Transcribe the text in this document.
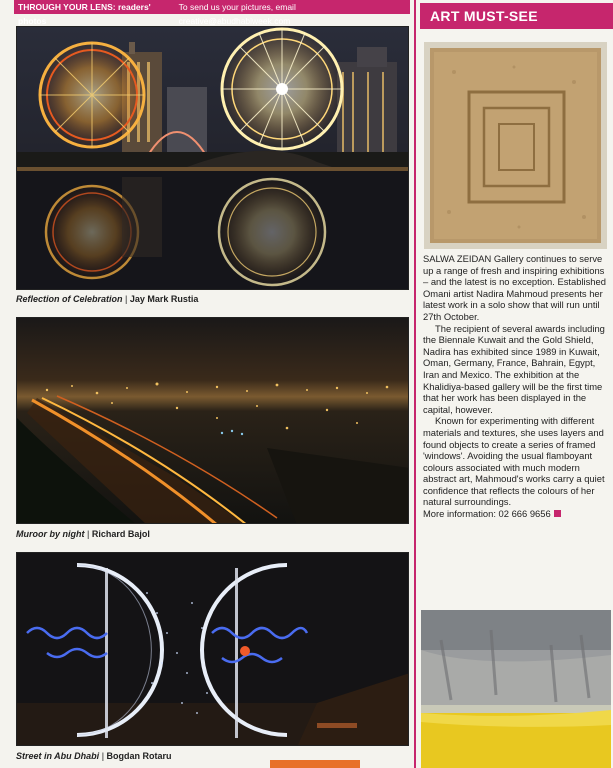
THROUGH YOUR LENS: readers' photos
To send us your pictures, email creative@abudhabiweek.com
Reflection of Celebration | Jay Mark Rustia
Muroor by night | Richard Bajol
Street in Abu Dhabi | Bogdan Rotaru
ART MUST-SEE

SALWA ZEIDAN Gallery continues to serve up a range of fresh and inspiring exhibitions – and the latest is no exception. Established Omani artist Nadira Mahmoud presents her latest work in a solo show that will run until 27th October.

The recipient of several awards including the Biennale Kuwait and the Gold Shield, Nadira has exhibited since 1989 in Kuwait, Oman, Germany, France, Bahrain, Egypt, Iran and Mexico. The exhibition at the Khalidiya-based gallery will be the first time that her work has been displayed in the capital, however.

Known for experimenting with different materials and textures, she uses layers and found objects to create a series of framed 'windows'. Avoiding the usual flamboyant colours associated with much modern abstract art, Mahmoud's works carry a quiet confidence that reflects the colours of her natural surroundings.

More information: 02 666 9656
